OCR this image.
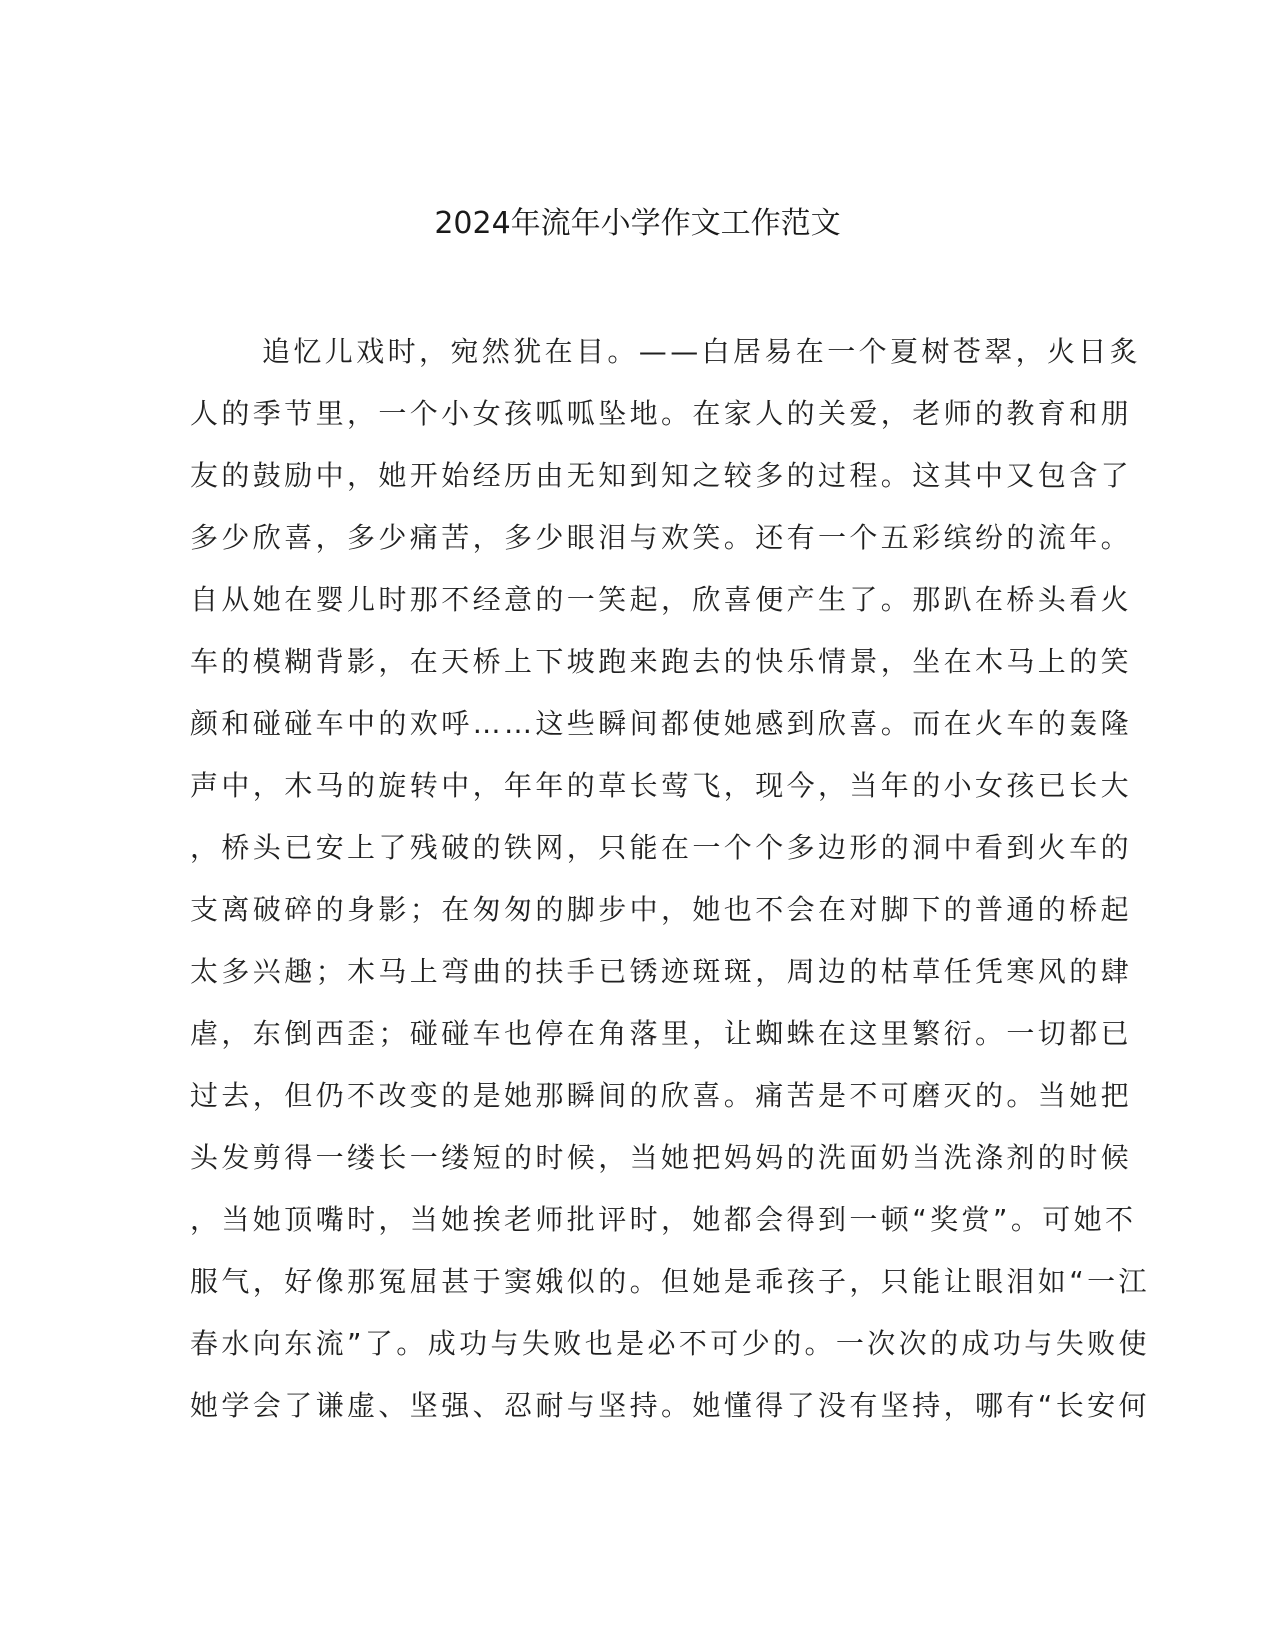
2024年流年小学作文工作范文
追忆儿戏时，宛然犹在目。——白居易在一个夏树苍翠，火日炙
人的季节里，一个小女孩呱呱坠地。在家人的关爱，老师的教育和朋
友的鼓励中，她开始经历由无知到知之较多的过程。这其中又包含了
多少欣喜，多少痛苦，多少眼泪与欢笑。还有一个五彩缤纷的流年。
自从她在婴儿时那不经意的一笑起，欣喜便产生了。那趴在桥头看火
车的模糊背影，在天桥上下坡跑来跑去的快乐情景，坐在木马上的笑
颜和碰碰车中的欢呼……这些瞬间都使她感到欣喜。而在火车的轰隆
声中，木马的旋转中，年年的草长莺飞，现今，当年的小女孩已长大
，桥头已安上了残破的铁网，只能在一个个多边形的洞中看到火车的
支离破碎的身影；在匆匆的脚步中，她也不会在对脚下的普通的桥起
太多兴趣；木马上弯曲的扶手已锈迹斑斑，周边的枯草任凭寒风的肆
虐，东倒西歪；碰碰车也停在角落里，让蜘蛛在这里繁衍。一切都已
过去，但仍不改变的是她那瞬间的欣喜。痛苦是不可磨灭的。当她把
头发剪得一缕长一缕短的时候，当她把妈妈的洗面奶当洗涤剂的时候
，当她顶嘴时，当她挨老师批评时，她都会得到一顿“奖赏”。可她不
服气，好像那冤屈甚于窦娥似的。但她是乖孩子，只能让眼泪如“一江
春水向东流”了。成功与失败也是必不可少的。一次次的成功与失败使
她学会了谦虚、坚强、忍耐与坚持。她懂得了没有坚持，哪有“长安何
